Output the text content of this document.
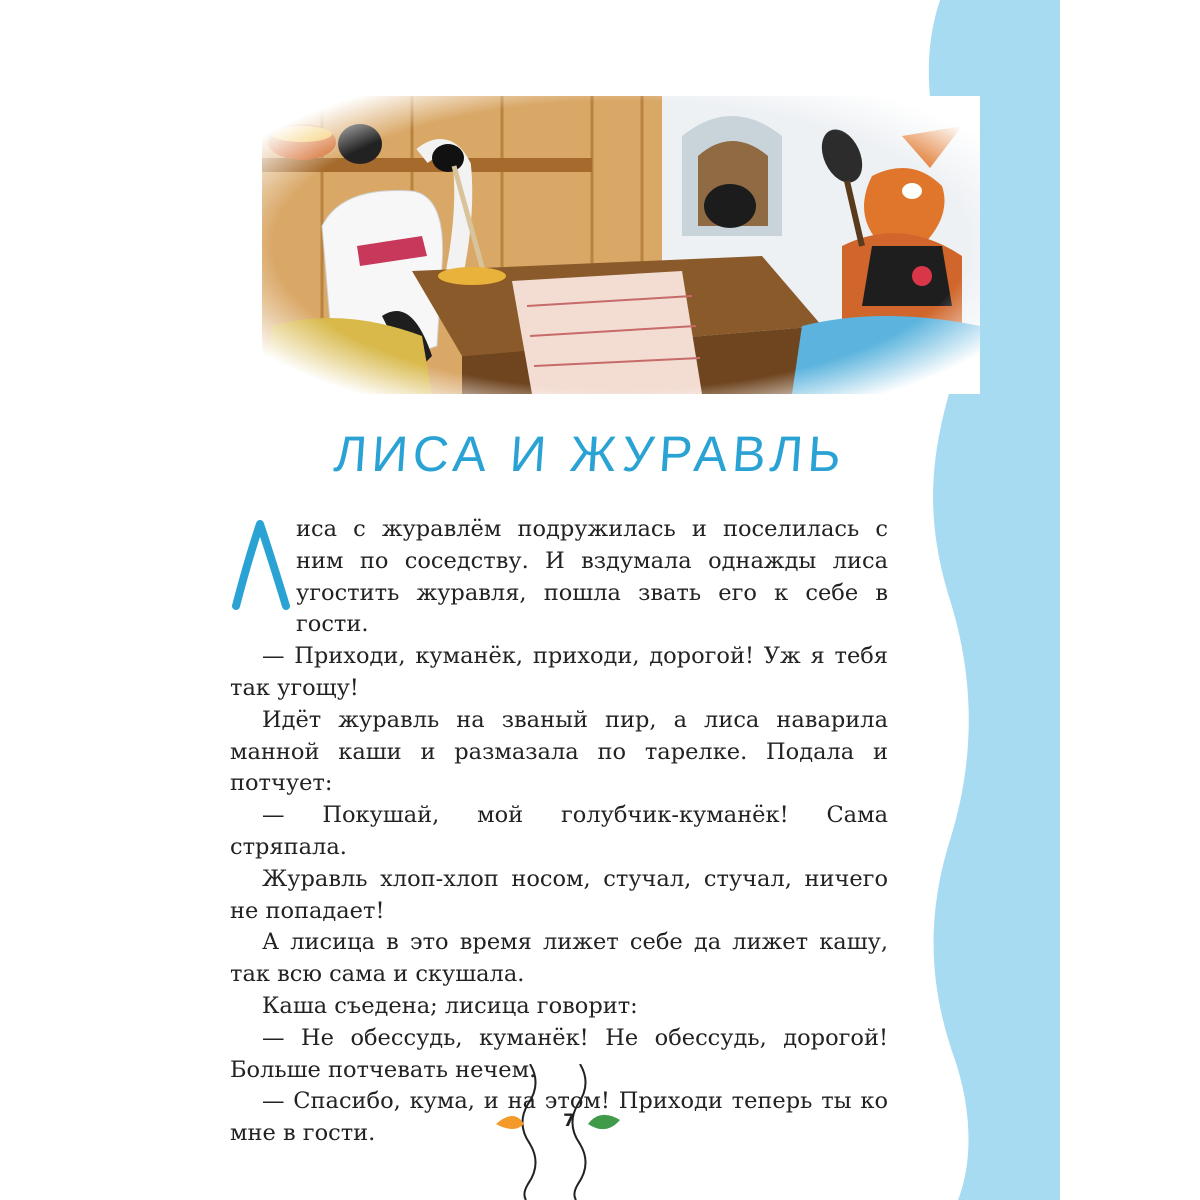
ЛИСА И ЖУРАВЛЬ

иса с журавлём подружилась и поселилась с ним по соседству. И вздумала однажды лиса угостить журавля, пошла звать его к себе в гости.

— Приходи, куманёк, приходи, дорогой! Уж я тебя так угощу!

Идёт журавль на званый пир, а лиса наварила манной каши и размазала по тарелке. Подала и потчует:

— Покушай, мой голубчик-куманёк! Сама стряпала.

Журавль хлоп-хлоп носом, стучал, стучал, ничего не попадает!

А лисица в это время лижет себе да лижет кашу, так всю сама и скушала.

Каша съедена; лисица говорит:

— Не обессудь, куманёк! Не обессудь, дорогой! Больше потчевать нечем.

— Спасибо, кума, и на этом! Приходи теперь ты ко мне в гости.	7
